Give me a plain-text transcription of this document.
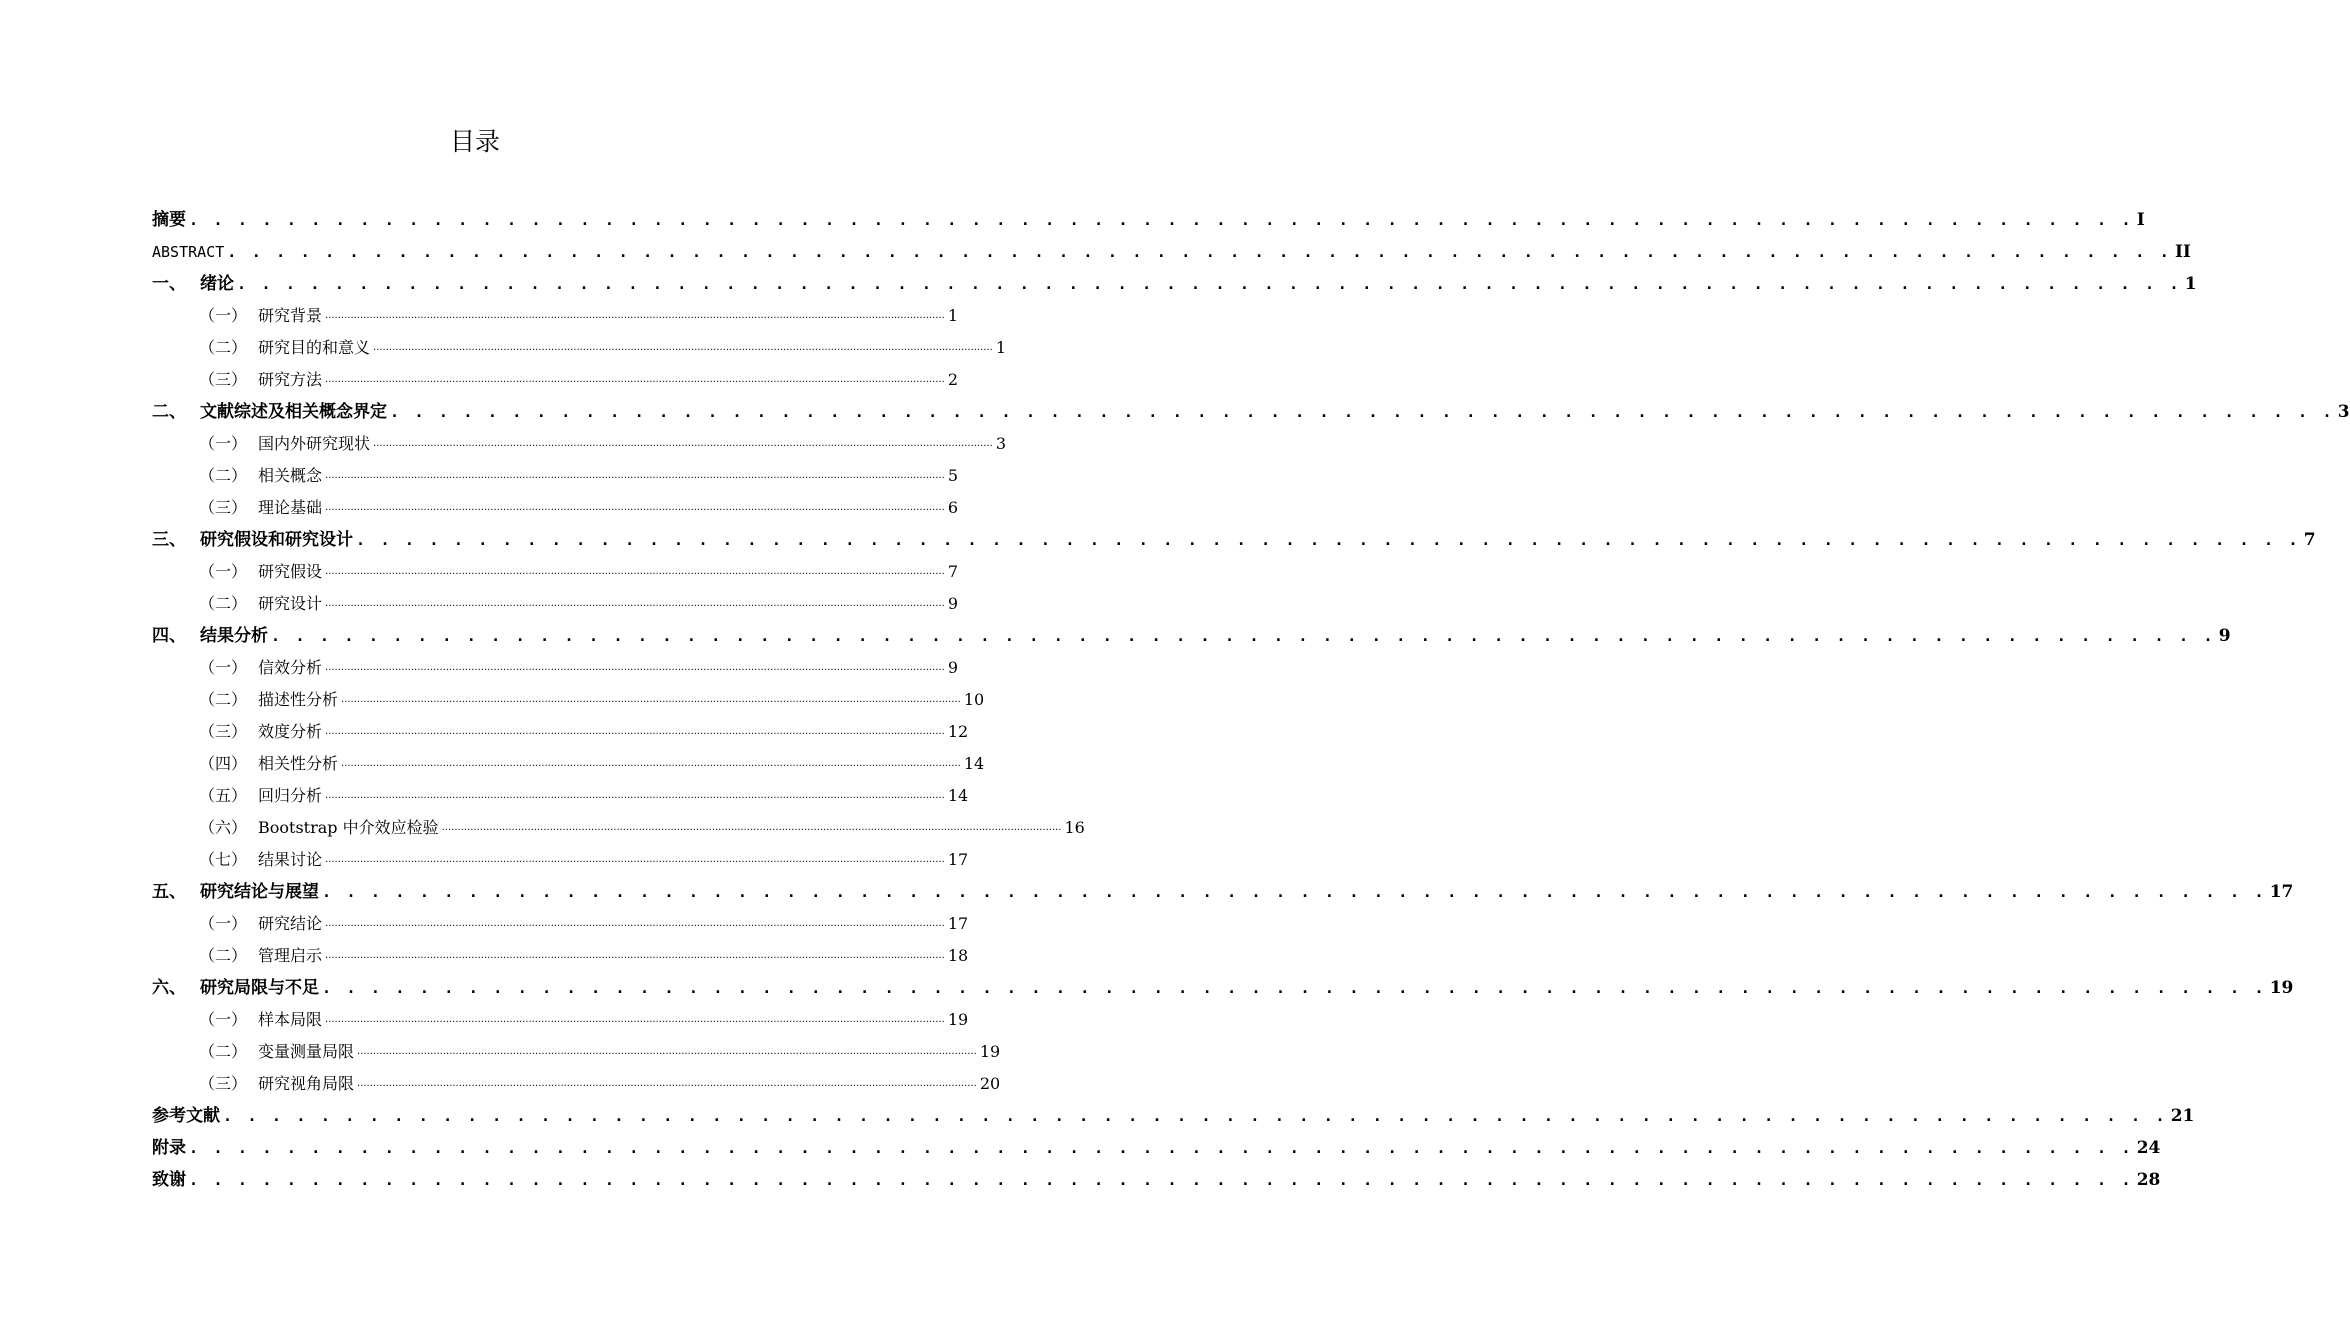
目录
摘要 . . . . . . . . . . . . . . . . . . . . . . . . . . . . . . . . . . . . . . . . . . . . . . . . . . . . . . . . . . . . . . . . . . . . . . . . . . . . . . . . I
ABSTRACT . . . . . . . . . . . . . . . . . . . . . . . . . . . . . . . . . . . . . . . . . . . . . . . . . . . . . . . . . . . . . . . . . . . . . . . . . . . . . . . . II
一、 绪论 . . . . . . . . . . . . . . . . . . . . . . . . . . . . . . . . . . . . . . . . . . . . . . . . . . . . . . . . . . . . . . . . . . . . . . . . . . . . . . . . 1
（一） 研究背景 ................................................................................................................................................................................................... 1
（二） 研究目的和意义 ................................................................................................................................................................................................... 1
（三） 研究方法 ................................................................................................................................................................................................... 2
二、 文献综述及相关概念界定 . . . . . . . . . . . . . . . . . . . . . . . . . . . . . . . . . . . . . . . . . . . . . . . . . . . . . . . . . . . . . . . . . . . . . . . . . . . . . . . . 3
（一） 国内外研究现状 ................................................................................................................................................................................................... 3
（二） 相关概念 ................................................................................................................................................................................................... 5
（三） 理论基础 ................................................................................................................................................................................................... 6
三、 研究假设和研究设计 . . . . . . . . . . . . . . . . . . . . . . . . . . . . . . . . . . . . . . . . . . . . . . . . . . . . . . . . . . . . . . . . . . . . . . . . . . . . . . . . 7
（一） 研究假设 ................................................................................................................................................................................................... 7
（二） 研究设计 ................................................................................................................................................................................................... 9
四、 结果分析 . . . . . . . . . . . . . . . . . . . . . . . . . . . . . . . . . . . . . . . . . . . . . . . . . . . . . . . . . . . . . . . . . . . . . . . . . . . . . . . . 9
（一） 信效分析 ................................................................................................................................................................................................... 9
（二） 描述性分析 ................................................................................................................................................................................................... 10
（三） 效度分析 ................................................................................................................................................................................................... 12
（四） 相关性分析 ................................................................................................................................................................................................... 14
（五） 回归分析 ................................................................................................................................................................................................... 14
（六） Bootstrap 中介效应检验 ................................................................................................................................................................................................... 16
（七） 结果讨论 ................................................................................................................................................................................................... 17
五、 研究结论与展望 . . . . . . . . . . . . . . . . . . . . . . . . . . . . . . . . . . . . . . . . . . . . . . . . . . . . . . . . . . . . . . . . . . . . . . . . . . . . . . . . 17
（一） 研究结论 ................................................................................................................................................................................................... 17
（二） 管理启示 ................................................................................................................................................................................................... 18
六、 研究局限与不足 . . . . . . . . . . . . . . . . . . . . . . . . . . . . . . . . . . . . . . . . . . . . . . . . . . . . . . . . . . . . . . . . . . . . . . . . . . . . . . . . 19
（一） 样本局限 ................................................................................................................................................................................................... 19
（二） 变量测量局限 ................................................................................................................................................................................................... 19
（三） 研究视角局限 ................................................................................................................................................................................................... 20
参考文献 . . . . . . . . . . . . . . . . . . . . . . . . . . . . . . . . . . . . . . . . . . . . . . . . . . . . . . . . . . . . . . . . . . . . . . . . . . . . . . . . 21
附录 . . . . . . . . . . . . . . . . . . . . . . . . . . . . . . . . . . . . . . . . . . . . . . . . . . . . . . . . . . . . . . . . . . . . . . . . . . . . . . . . 24
致谢 . . . . . . . . . . . . . . . . . . . . . . . . . . . . . . . . . . . . . . . . . . . . . . . . . . . . . . . . . . . . . . . . . . . . . . . . . . . . . . . . 28
